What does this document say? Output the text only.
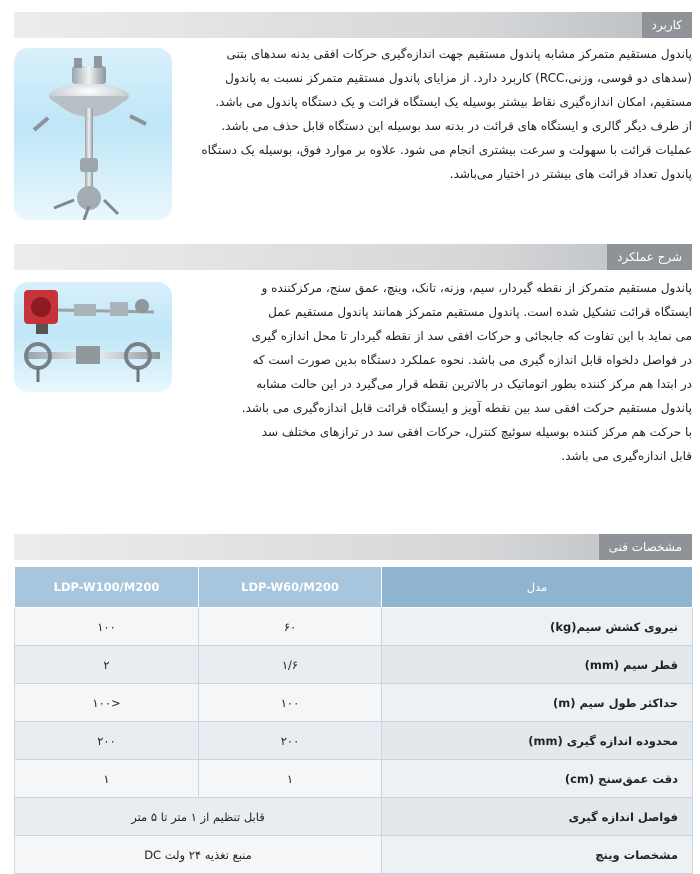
کاربرد
پاندول مستقیم متمرکز مشابه پاندول مستقیم جهت اندازه‌گیری حرکات افقی بدنه سدهای بتنی
(سدهای دو قوسی، وزنی،RCC) کاربرد دارد. از مزایای پاندول مستقیم متمرکز نسبت به پاندول
مستقیم، امکان اندازه‌گیری نقاط بیشتر بوسیله یک ایستگاه قرائت و یک دستگاه پاندول می باشد.
از طرف دیگر گالری و ایستگاه های قرائت در بدنه سد بوسیله این دستگاه قابل حذف می باشد.
عملیات قرائت با سهولت و سرعت بیشتری انجام می شود. علاوه بر موارد فوق، بوسیله یک دستگاه
پاندول تعداد قرائت های بیشتر در اختیار می‌باشد.
شرح عملکرد
پاندول مستقیم متمرکز از نقطه گیردار، سیم، وزنه، تانک، وینچ، عمق سنج، مرکزکننده و
ایستگاه قرائت تشکیل شده است. پاندول مستقیم متمرکز همانند پاندول مستقیم عمل
می نماید با این تفاوت که جابجائی و حرکات افقی سد از نقطه گیردار تا محل اندازه گیری
در فواصل دلخواه قابل اندازه گیری می باشد. نحوه عملکرد دستگاه بدین صورت است که
در ابتدا هم مرکز کننده بطور اتوماتیک در بالاترین نقطه قرار می‌گیرد در این حالت مشابه
پاندول مستقیم حرکت افقی سد بین نقطه آویز و ایستگاه قرائت قابل اندازه‌گیری می باشد.
با حرکت هم مرکز کننده بوسیله سوئیچ کنترل، حرکات افقی سد در ترازهای مختلف سد
قابل اندازه‌گیری می باشد.
مشخصات فنی
مدل	LDP-W60/M200	LDP-W100/M200
نیروی کشش سیم(kg)	۶۰	۱۰۰
قطر سیم (mm)	۱/۶	۲
حداکثر طول سیم (m)	۱۰۰	<۱۰۰
محدوده اندازه گیری (mm)	۲۰۰	۲۰۰
دقت عمق‌سنج (cm)	۱	۱
فواصل اندازه گیری	قابل تنظیم از ۱ متر تا ۵ متر	
مشخصات وینچ	منبع تغذیه ۲۴ ولت DC	
